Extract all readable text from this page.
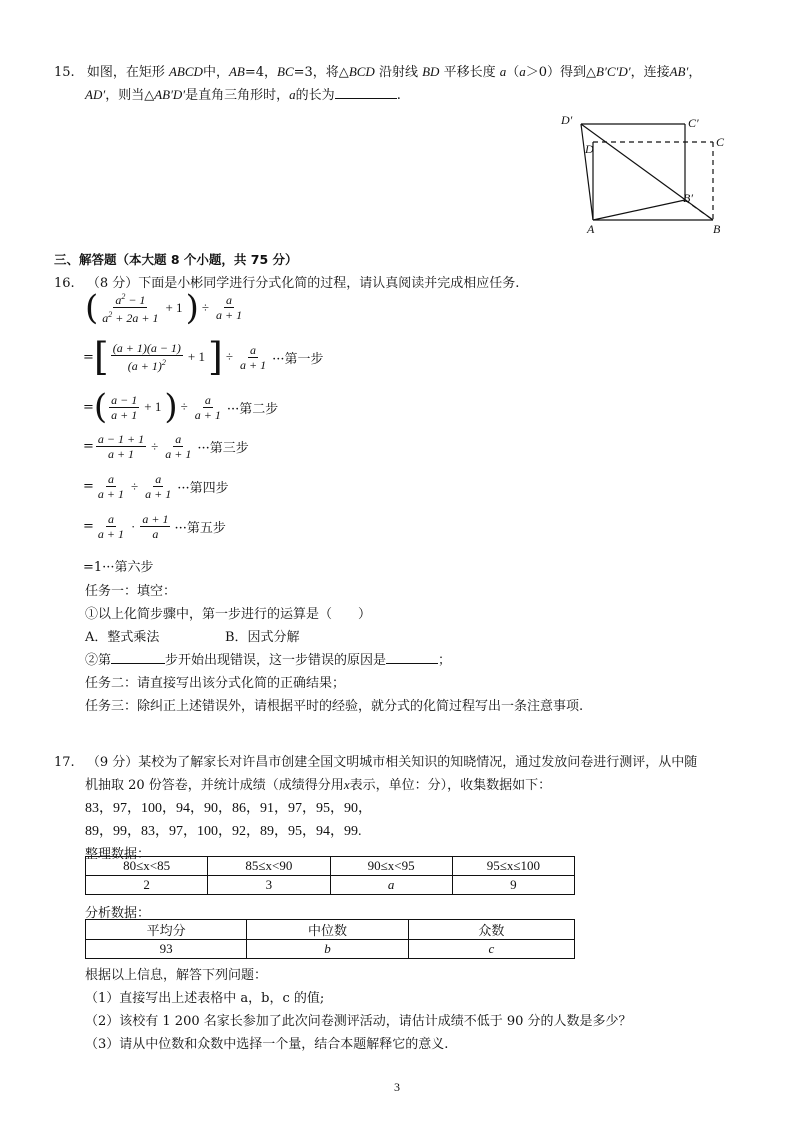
15. 如图，在矩形 ABCD中，AB=4，BC=3，将△BCD 沿射线 BD 平移长度 a（a＞0）得到△B′C′D′，连接AB′，
AD′，则当△AB′D′是直角三角形时，a的长为	.
D′	C′
D	C
B′
A	B
三、解答题（本大题 8 个小题，共 75 分）
16. （8 分）下面是小彬同学进行分式化简的过程，请认真阅读并完成相应任务.
( $\frac{a^2 - 1}{a^2 + 2a + 1} + 1$ ) ÷ $\frac{a}{a + 1}$
= [ $\frac{(a + 1)(a - 1)}{(a + 1)^2} + 1$ ] ÷ $\frac{a}{a + 1}$ ···第一步
= ( $\frac{a - 1}{a + 1} + 1$ ) ÷ $\frac{a}{a + 1}$ ···第二步
= $\frac{a - 1 + 1}{a + 1} \div \frac{a}{a + 1}$ ···第三步
= $\frac{a}{a + 1} \div \frac{a}{a + 1}$ ···第四步
= $\frac{a}{a + 1} \cdot \frac{a + 1}{a}$ ···第五步
=1···第六步
任务一：填空：
①以上化简步骤中，第一步进行的运算是（　　）
A．整式乘法	B．因式分解
②第	步开始出现错误，这一步错误的原因是	；
任务二：请直接写出该分式化简的正确结果；
任务三：除纠正上述错误外，请根据平时的经验，就分式的化简过程写出一条注意事项.
17. （9 分）某校为了解家长对许昌市创建全国文明城市相关知识的知晓情况，通过发放问卷进行测评，从中随
机抽取 20 份答卷，并统计成绩（成绩得分用x表示，单位：分），收集数据如下：
83，97，100，94，90，86，91，97，95，90，
89，99，83，97，100，92，89，95，94，99.
整理数据：
80≤x<85	85≤x<90	90≤x<95	95≤x≤100
2	3	a	9
分析数据：
平均分	中位数	众数
93	b	c
根据以上信息，解答下列问题：
（1）直接写出上述表格中 a，b，c 的值;
（2）该校有 1 200 名家长参加了此次问卷测评活动，请估计成绩不低于 90 分的人数是多少？
（3）请从中位数和众数中选择一个量，结合本题解释它的意义.
3
